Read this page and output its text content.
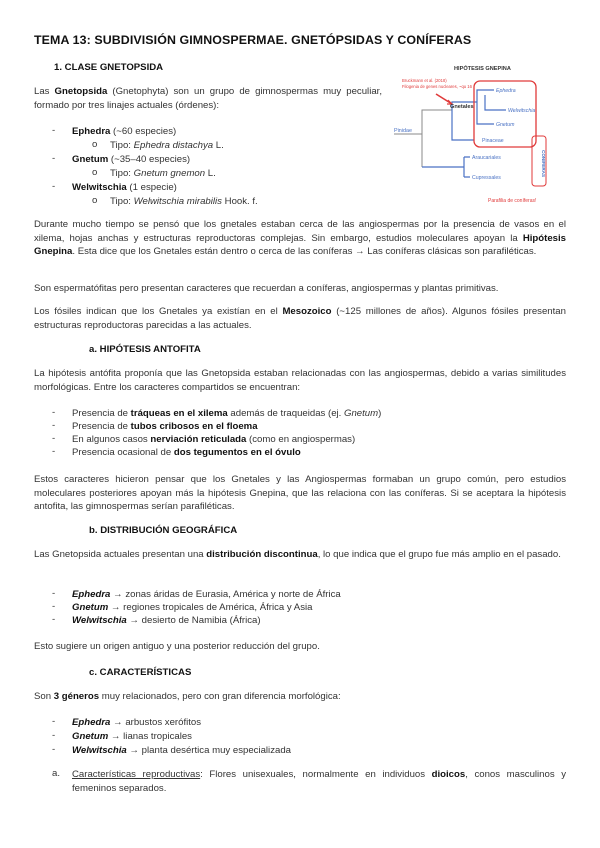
TEMA 13: SUBDIVISIÓN GIMNOSPERMAE. GNETÓPSIDAS Y CONÍFERAS
1. CLASE GNETOPSIDA
Las Gnetopsida (Gnetophyta) son un grupo de gimnospermas muy peculiar, formado por tres linajes actuales (órdenes):
- Ephedra (~60 especies)
o Tipo: Ephedra distachya L.
- Gnetum (~35–40 especies)
o Tipo: Gnetum gnemon L.
- Welwitschia (1 especie)
o Tipo: Welwitschia mirabilis Hook. f.
HIPÓTESIS GNEPINA
Bruckmann et al. (2018)
Filogenia de genes nucleares, ~qu 16
Pinidae
Gnetales
Ephedra
Welwitschia
Gnetum
Pinaceae
Araucariales
Cupressales
CONÍFERAS
Parafilia de coníferas!
Durante mucho tiempo se pensó que los gnetales estaban cerca de las angiospermas por la presencia de vasos en el xilema, hojas anchas y estructuras reproductoras complejas. Sin embargo, estudios moleculares apoyan la Hipótesis Gnepina. Esta dice que los Gnetales están dentro o cerca de las coníferas → Las coníferas clásicas son parafiléticas.
Son espermatófitas pero presentan caracteres que recuerdan a coníferas, angiospermas y plantas primitivas.
Los fósiles indican que los Gnetales ya existían en el Mesozoico (~125 millones de años). Algunos fósiles presentan estructuras reproductoras parecidas a las actuales.
a. HIPÓTESIS ANTOFITA
La hipótesis antófita proponía que las Gnetopsida estaban relacionadas con las angiospermas, debido a varias similitudes morfológicas. Entre los caracteres compartidos se encuentran:
- Presencia de tráqueas en el xilema además de traqueidas (ej. Gnetum)
- Presencia de tubos cribosos en el floema
- En algunos casos nerviación reticulada (como en angiospermas)
- Presencia ocasional de dos tegumentos en el óvulo
Estos caracteres hicieron pensar que los Gnetales y las Angiospermas formaban un grupo común, pero estudios moleculares posteriores apoyan más la hipótesis Gnepina, que las relaciona con las coníferas. Si se aceptara la hipótesis antofita, las gimnospermas serían parafiléticas.
b. DISTRIBUCIÓN GEOGRÁFICA
Las Gnetopsida actuales presentan una distribución discontinua, lo que indica que el grupo fue más amplio en el pasado.
- Ephedra → zonas áridas de Eurasia, América y norte de África
- Gnetum → regiones tropicales de América, África y Asia
- Welwitschia → desierto de Namibia (África)
Esto sugiere un origen antiguo y una posterior reducción del grupo.
c. CARACTERÍSTICAS
Son 3 géneros muy relacionados, pero con gran diferencia morfológica:
- Ephedra → arbustos xerófitos
- Gnetum → lianas tropicales
- Welwitschia → planta desértica muy especializada
a. Características reproductivas: Flores unisexuales, normalmente en individuos dioicos, conos masculinos y femeninos separados.
